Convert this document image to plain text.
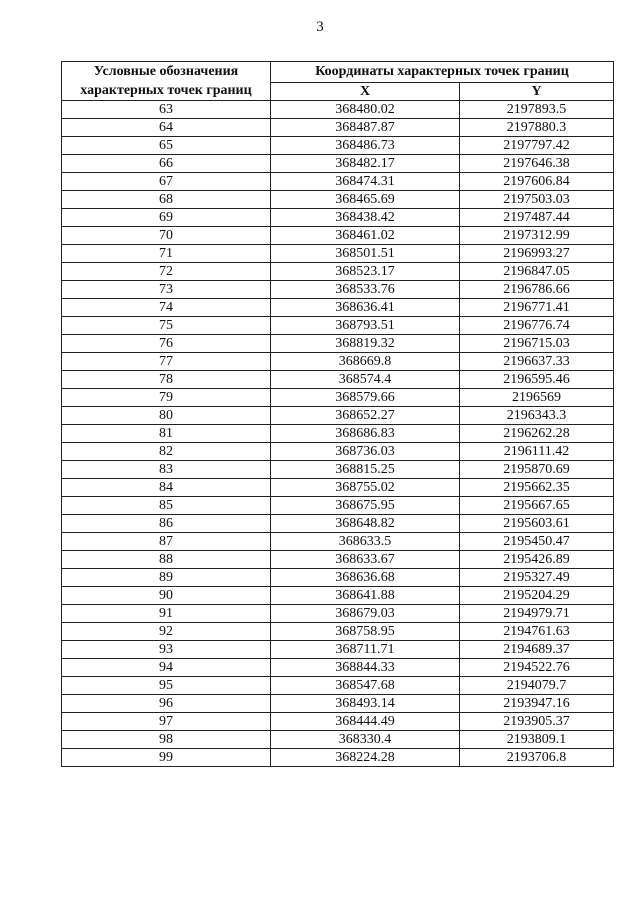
3
Условные обозначения характерных точек границ	Координаты характерных точек границ	
	X	Y
63	368480.02	2197893.5
64	368487.87	2197880.3
65	368486.73	2197797.42
66	368482.17	2197646.38
67	368474.31	2197606.84
68	368465.69	2197503.03
69	368438.42	2197487.44
70	368461.02	2197312.99
71	368501.51	2196993.27
72	368523.17	2196847.05
73	368533.76	2196786.66
74	368636.41	2196771.41
75	368793.51	2196776.74
76	368819.32	2196715.03
77	368669.8	2196637.33
78	368574.4	2196595.46
79	368579.66	2196569
80	368652.27	2196343.3
81	368686.83	2196262.28
82	368736.03	2196111.42
83	368815.25	2195870.69
84	368755.02	2195662.35
85	368675.95	2195667.65
86	368648.82	2195603.61
87	368633.5	2195450.47
88	368633.67	2195426.89
89	368636.68	2195327.49
90	368641.88	2195204.29
91	368679.03	2194979.71
92	368758.95	2194761.63
93	368711.71	2194689.37
94	368844.33	2194522.76
95	368547.68	2194079.7
96	368493.14	2193947.16
97	368444.49	2193905.37
98	368330.4	2193809.1
99	368224.28	2193706.8
